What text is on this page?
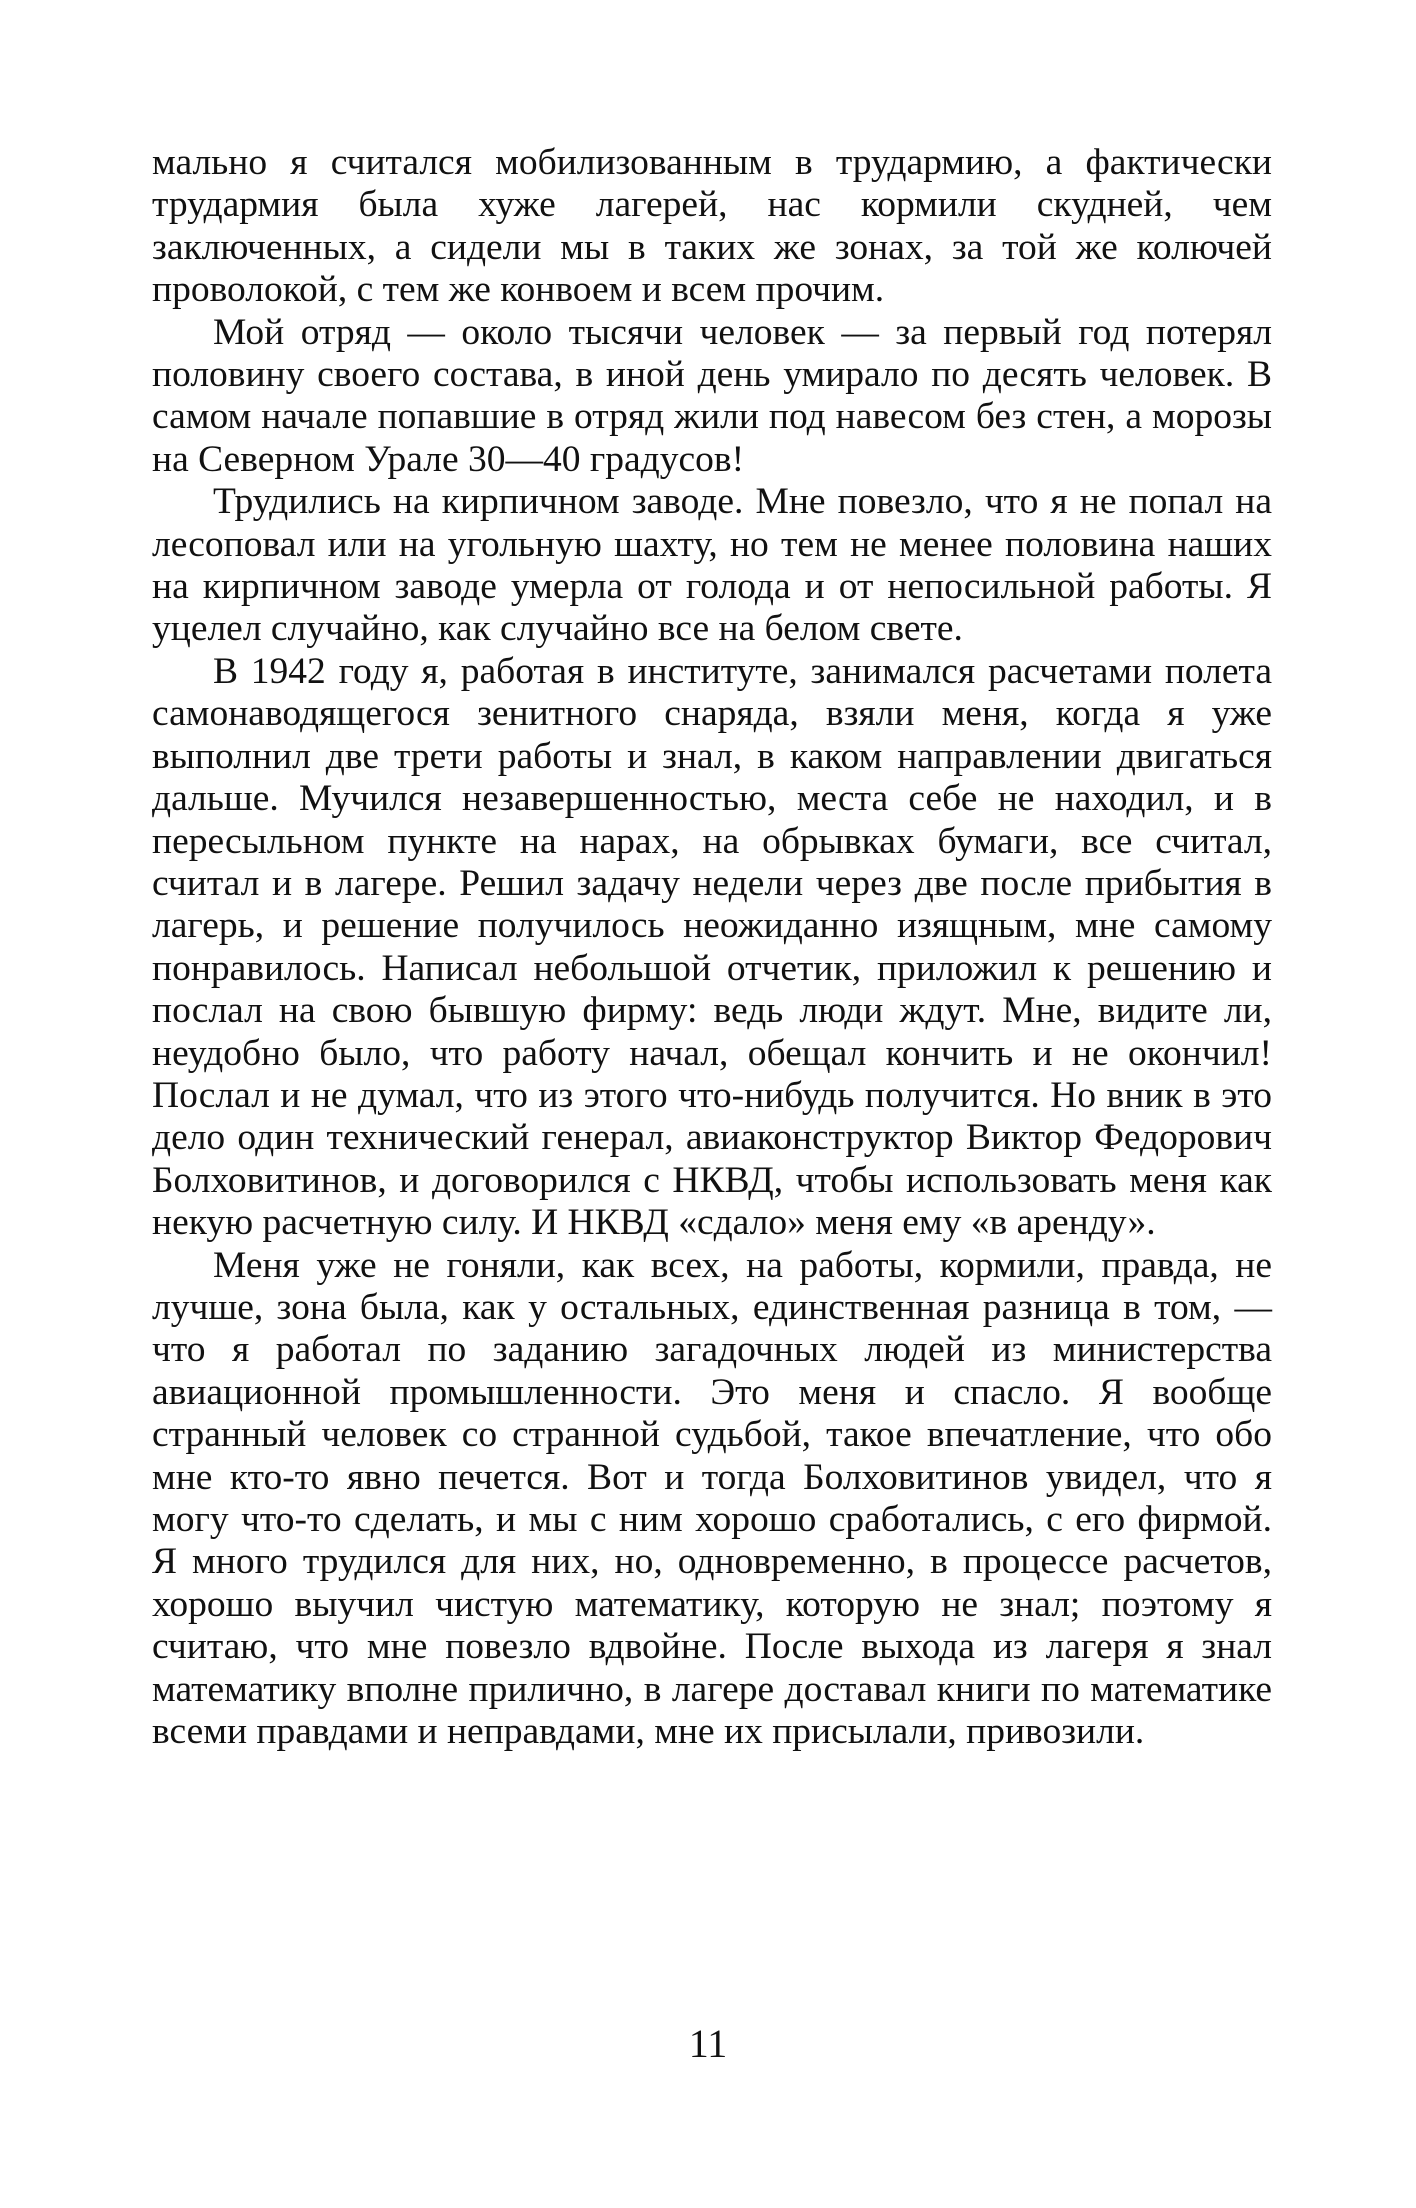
мально я считался мобилизованным в трудармию, а фактически трудармия была хуже лагерей, нас кормили скудней, чем заключенных, а сидели мы в таких же зонах, за той же колючей проволокой, с тем же конвоем и всем прочим.

Мой отряд — около тысячи человек — за первый год потерял половину своего состава, в иной день умирало по десять человек. В самом начале попавшие в отряд жили под навесом без стен, а морозы на Северном Урале 30—40 градусов!

Трудились на кирпичном заводе. Мне повезло, что я не попал на лесоповал или на угольную шахту, но тем не менее половина наших на кирпичном заводе умерла от голода и от непосильной работы. Я уцелел случайно, как случайно все на белом свете.

В 1942 году я, работая в институте, занимался расчетами полета самонаводящегося зенитного снаряда, взяли меня, когда я уже выполнил две трети работы и знал, в каком направлении двигаться дальше. Мучился незавершенностью, места себе не находил, и в пересыльном пункте на нарах, на обрывках бумаги, все считал, считал и в лагере. Решил задачу недели через две после прибытия в лагерь, и решение получилось неожиданно изящным, мне самому понравилось. Написал небольшой отчетик, приложил к решению и послал на свою бывшую фирму: ведь люди ждут. Мне, видите ли, неудобно было, что работу начал, обещал кончить и не окончил! Послал и не думал, что из этого что-нибудь получится. Но вник в это дело один технический генерал, авиаконструктор Виктор Федорович Болховитинов, и договорился с НКВД, чтобы использовать меня как некую расчетную силу. И НКВД «сдало» меня ему «в аренду».

Меня уже не гоняли, как всех, на работы, кормили, правда, не лучше, зона была, как у остальных, единственная разница в том, — что я работал по заданию загадочных людей из министерства авиационной промышленности. Это меня и спасло. Я вообще странный человек со странной судьбой, такое впечатление, что обо мне кто-то явно печется. Вот и тогда Болховитинов увидел, что я могу что-то сделать, и мы с ним хорошо сработались, с его фирмой. Я много трудился для них, но, одновременно, в процессе расчетов, хорошо выучил чистую математику, которую не знал; поэтому я считаю, что мне повезло вдвойне. После выхода из лагеря я знал математику вполне прилично, в лагере доставал книги по математике всеми правдами и неправдами, мне их присылали, привозили.

11
